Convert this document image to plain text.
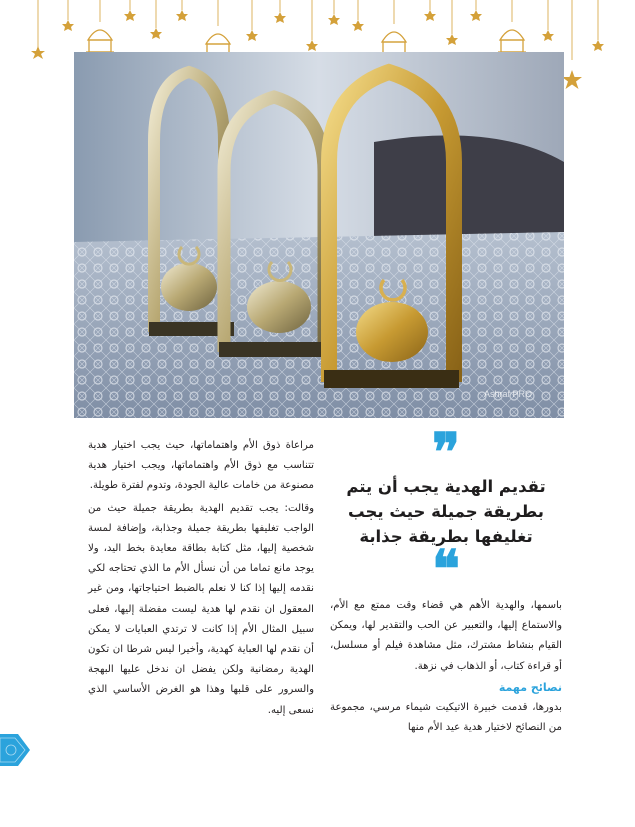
Ashraf PRO

مراعاة ذوق الأم واهتماماتها، حيث يجب اختيار هدية تتناسب مع ذوق الأم واهتماماتها، ويجب اختيار هدية مصنوعة من خامات عالية الجودة، وتدوم لفترة طويلة.

وقالت: يجب تقديم الهدية بطريقة جميلة حيث من الواجب تغليفها بطريقة جميلة وجذابة، وإضافة لمسة شخصية إليها، مثل كتابة بطاقة معايدة بخط اليد، ولا يوجد مانع تماما من أن نسأل الأم ما الذي تحتاجه لكي نقدمه إليها إذا كنا لا نعلم بالضبط احتياجاتها، ومن غير المعقول ان نقدم لها هدية ليست مفضلة إليها، فعلى سبيل المثال الأم إذا كانت لا ترتدي العبايات لا يمكن أن نقدم لها العباية كهدية، وأخيرا ليس شرطا ان تكون الهدية رمضانية ولكن يفضل ان ندخل عليها البهجة والسرور على قلبها وهذا هو الغرض الأساسي الذي نسعى إليه.

❞
تقديم الهدية يجب أن يتم بطريقة جميلة حيث يجب تغليفها بطريقة جذابة
❝

باسمها، والهدية الأهم هي قضاء وقت ممتع مع الأم، والاستماع إليها، والتعبير عن الحب والتقدير لها، ويمكن القيام بنشاط مشترك، مثل مشاهدة فيلم أو مسلسل، أو قراءة كتاب، أو الذهاب في نزهة.

نصائح مهمة

بدورها، قدمت خبيرة الاتيكيت شيماء مرسي، مجموعة من النصائح لاختيار هدية عيد الأم منها
